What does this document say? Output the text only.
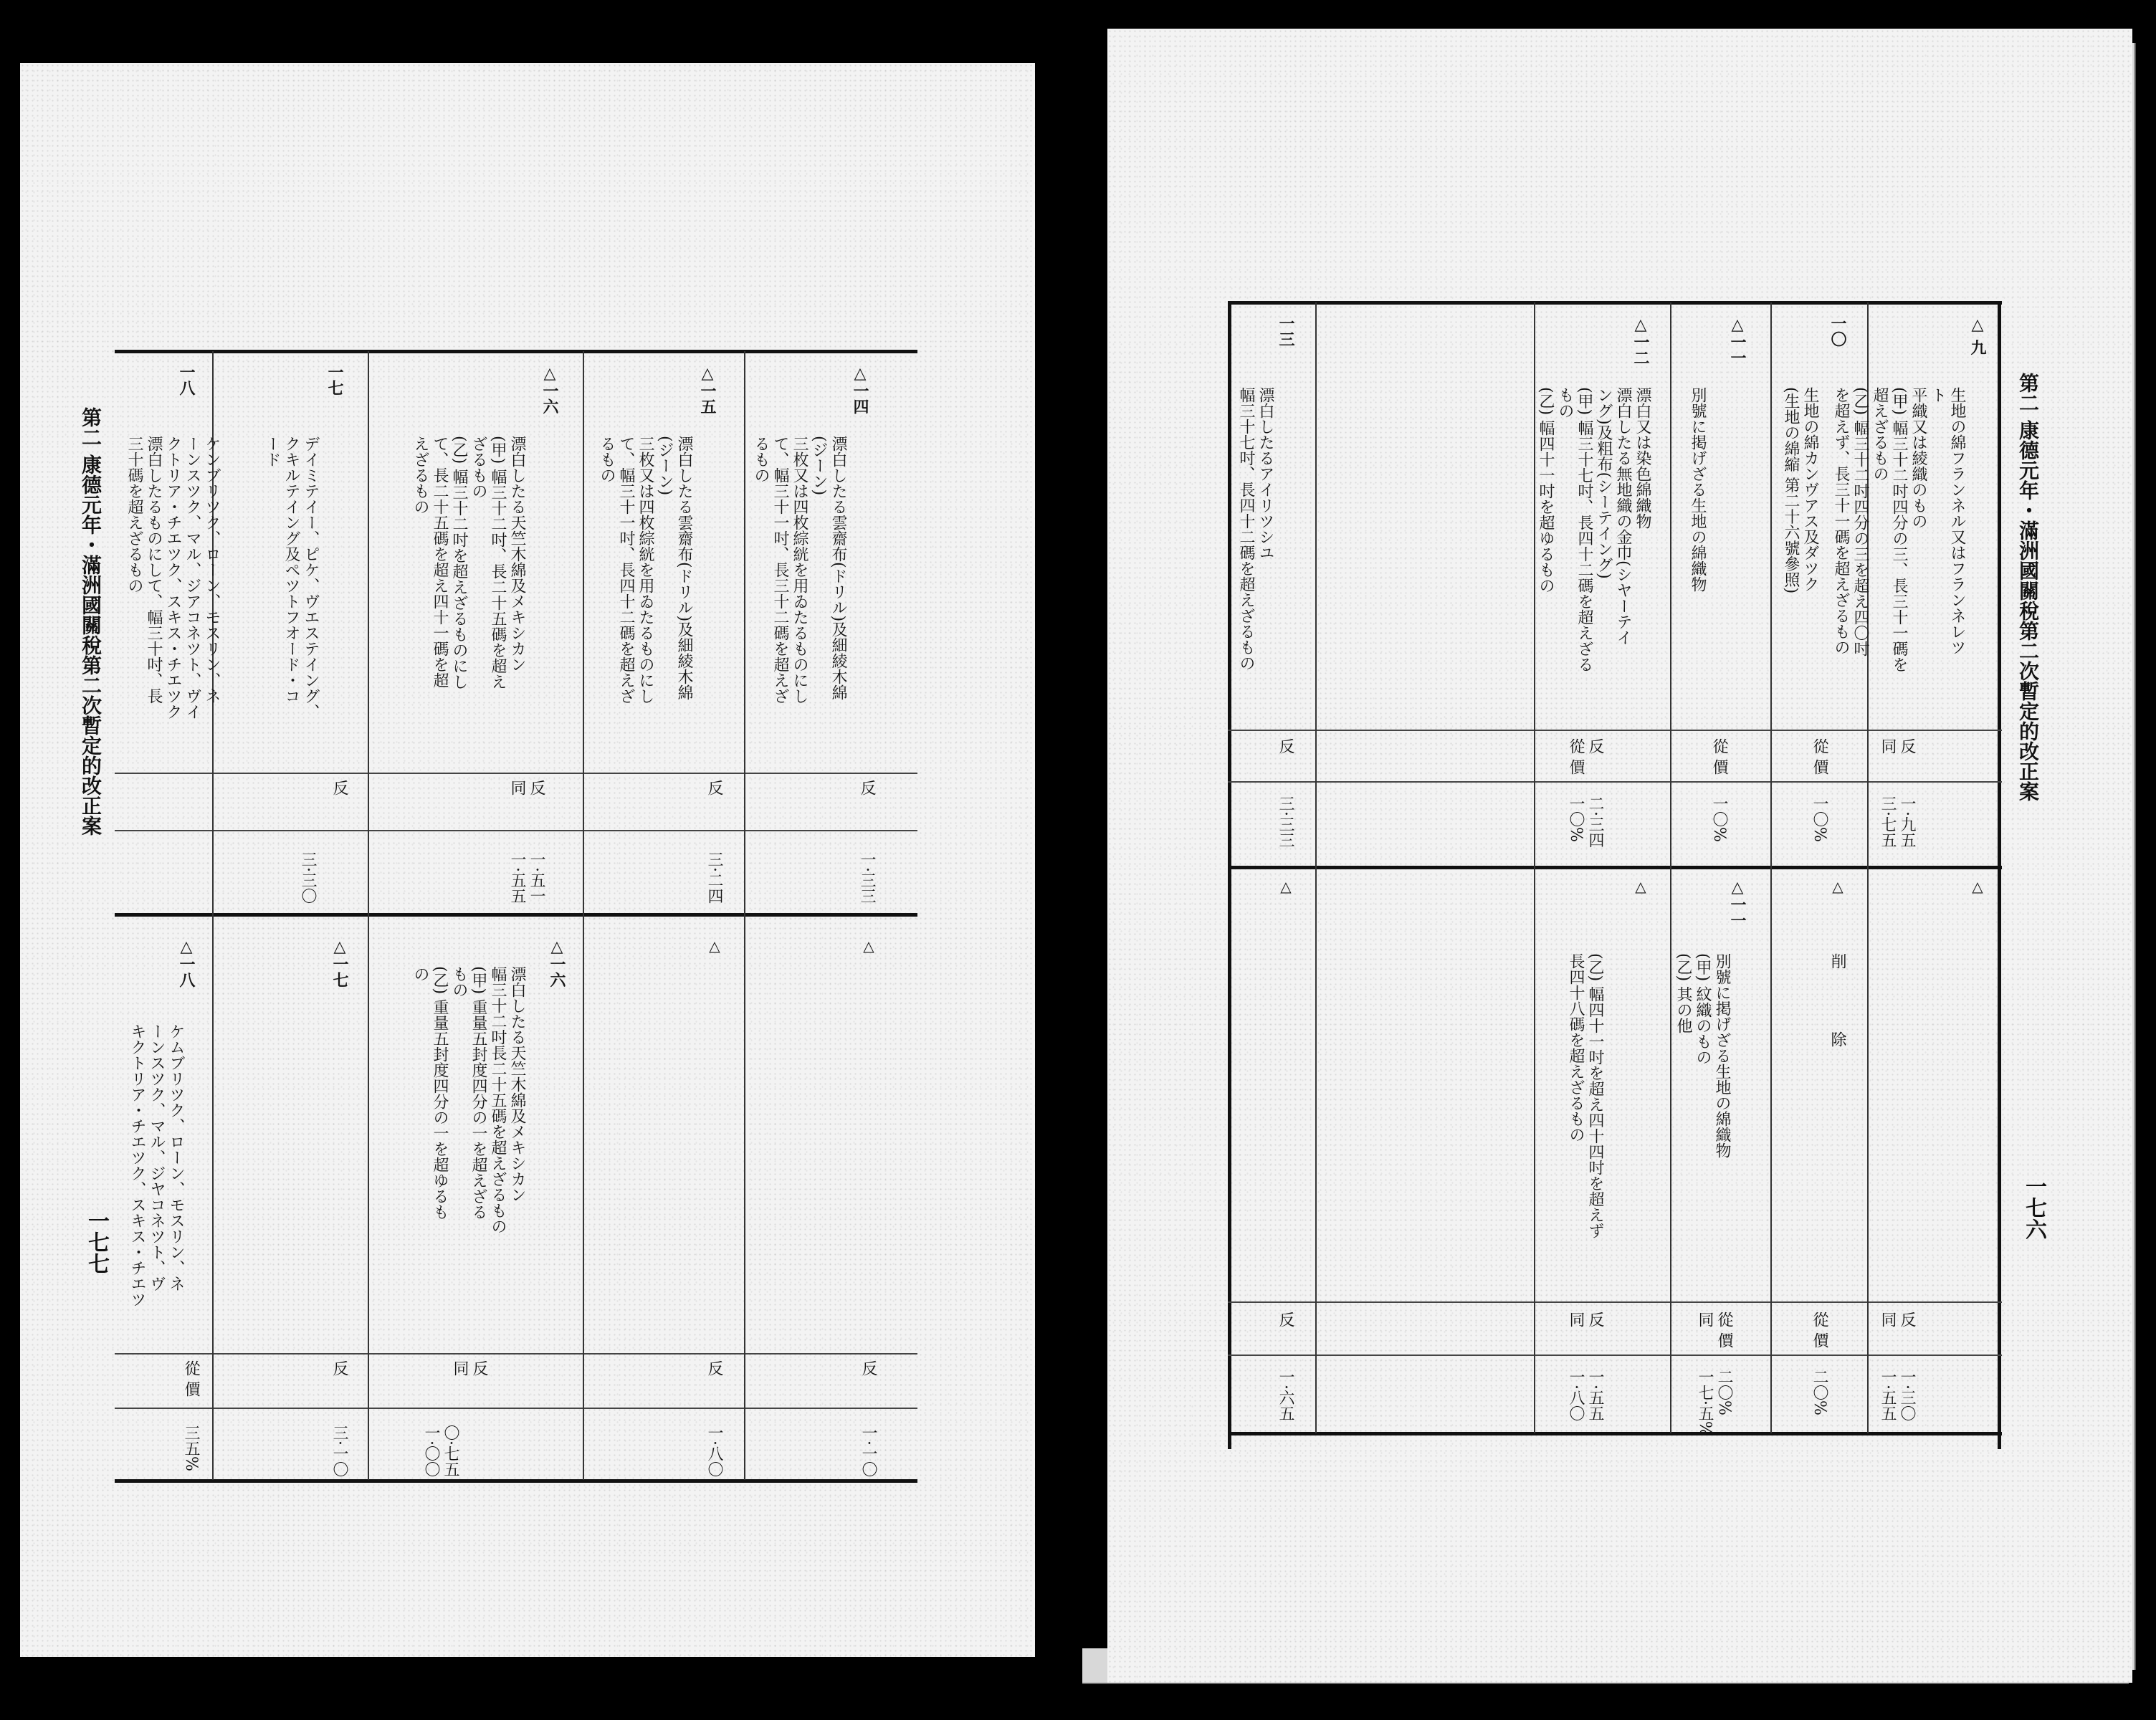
第二 康德元年・滿洲國關稅第二次暫定的改正案
一七七
△一四
漂白したる雲齋布(ドリル)及細綾木綿
(ジーン)
三枚又は四枚綜絖を用ゐたるものにし
て、幅三十一吋、長三十二碼を超えざ
るもの
反
一·三三
△一五
漂白したる雲齋布(ドリル)及細綾木綿
(ジーン)
三枚又は四枚綜絖を用ゐたるものにし
て、幅三十一吋、長四十二碼を超えざ
るもの
反
三·二四
△一六
漂白したる天竺木綿及メキシカン
(甲) 幅三十二吋、長二十五碼を超え
ざるもの
(乙) 幅三十二吋を超えざるものにし
て、長二十五碼を超え四十一碼を超
えざるもの
反
同
一·五一
一·五五
一七
デイミテイー、ピケ、ヴエステイング、
クキルテイング及ペツトフオード・コ
ード
反
三·三〇
一八
ケンブリツク、ローン、モスリン、ネ
ーンスツク、マル、ジアコネツト、ヴイ
クトリア・チエツク、スキス・チエツク
漂白したるものにして、幅三十吋、長
三十碼を超えざるもの
△
反
一·一〇
△
反
一·八〇
△一六
漂白したる天竺木綿及メキシカン
幅三十二吋長二十五碼を超えざるもの
(甲) 重量五封度四分の一を超えざる
もの
(乙) 重量五封度四分の一を超ゆるも
の
反
同
〇·七五
一·〇〇
△一七
反
三·一〇
△一八
ケムブリツク、ローン、モスリン、ネ
ーンスツク、マル、ジヤコネツト、ヴ
キクトリア・チエツク、スキス・チエツ
從 價
三五%
第二 康德元年・滿洲國關稅第二次暫定的改正案
一七六
△ 九
生地の綿フランネル又はフランネレツ
ト
平織又は綾織のもの
(甲) 幅三十二吋四分の三、長三十一碼を
超えざるもの
(乙) 幅三十二吋四分の三を超え四〇吋
を超えず、長三十一碼を超えざるもの
反
同
一·九五
三·七五
一〇
生地の綿カンヴアス及ダツク
(生地の綿縮 第二十六號參照)
從 價
一〇%
△一一
別號に掲げざる生地の綿織物
從 價
一〇%
△一二
漂白又は染色綿織物
漂白したる無地織の金巾(シヤーテイ
ング)及粗布(シーテイング)
(甲) 幅三十七吋、長四十二碼を超えざる
もの
(乙) 幅四十一吋を超ゆるもの
反
從 價
二·三四
一〇%
一三
漂白したるアイリツシユ
幅三十七吋、長四十二碼を超えざるもの
反
三·三三
△
反
同
一·三〇
一·五五
△
削 除
從 價
二〇%
△一一
別號に掲げざる生地の綿織物
(甲) 紋織のもの
(乙) 其の他
從 價
同
二〇%
一七·五%
△
(乙) 幅四十一吋を超え四十四吋を超えず
長四十八碼を超えざるもの
反
同
一·五五
一·八〇
△
反
一·六五
